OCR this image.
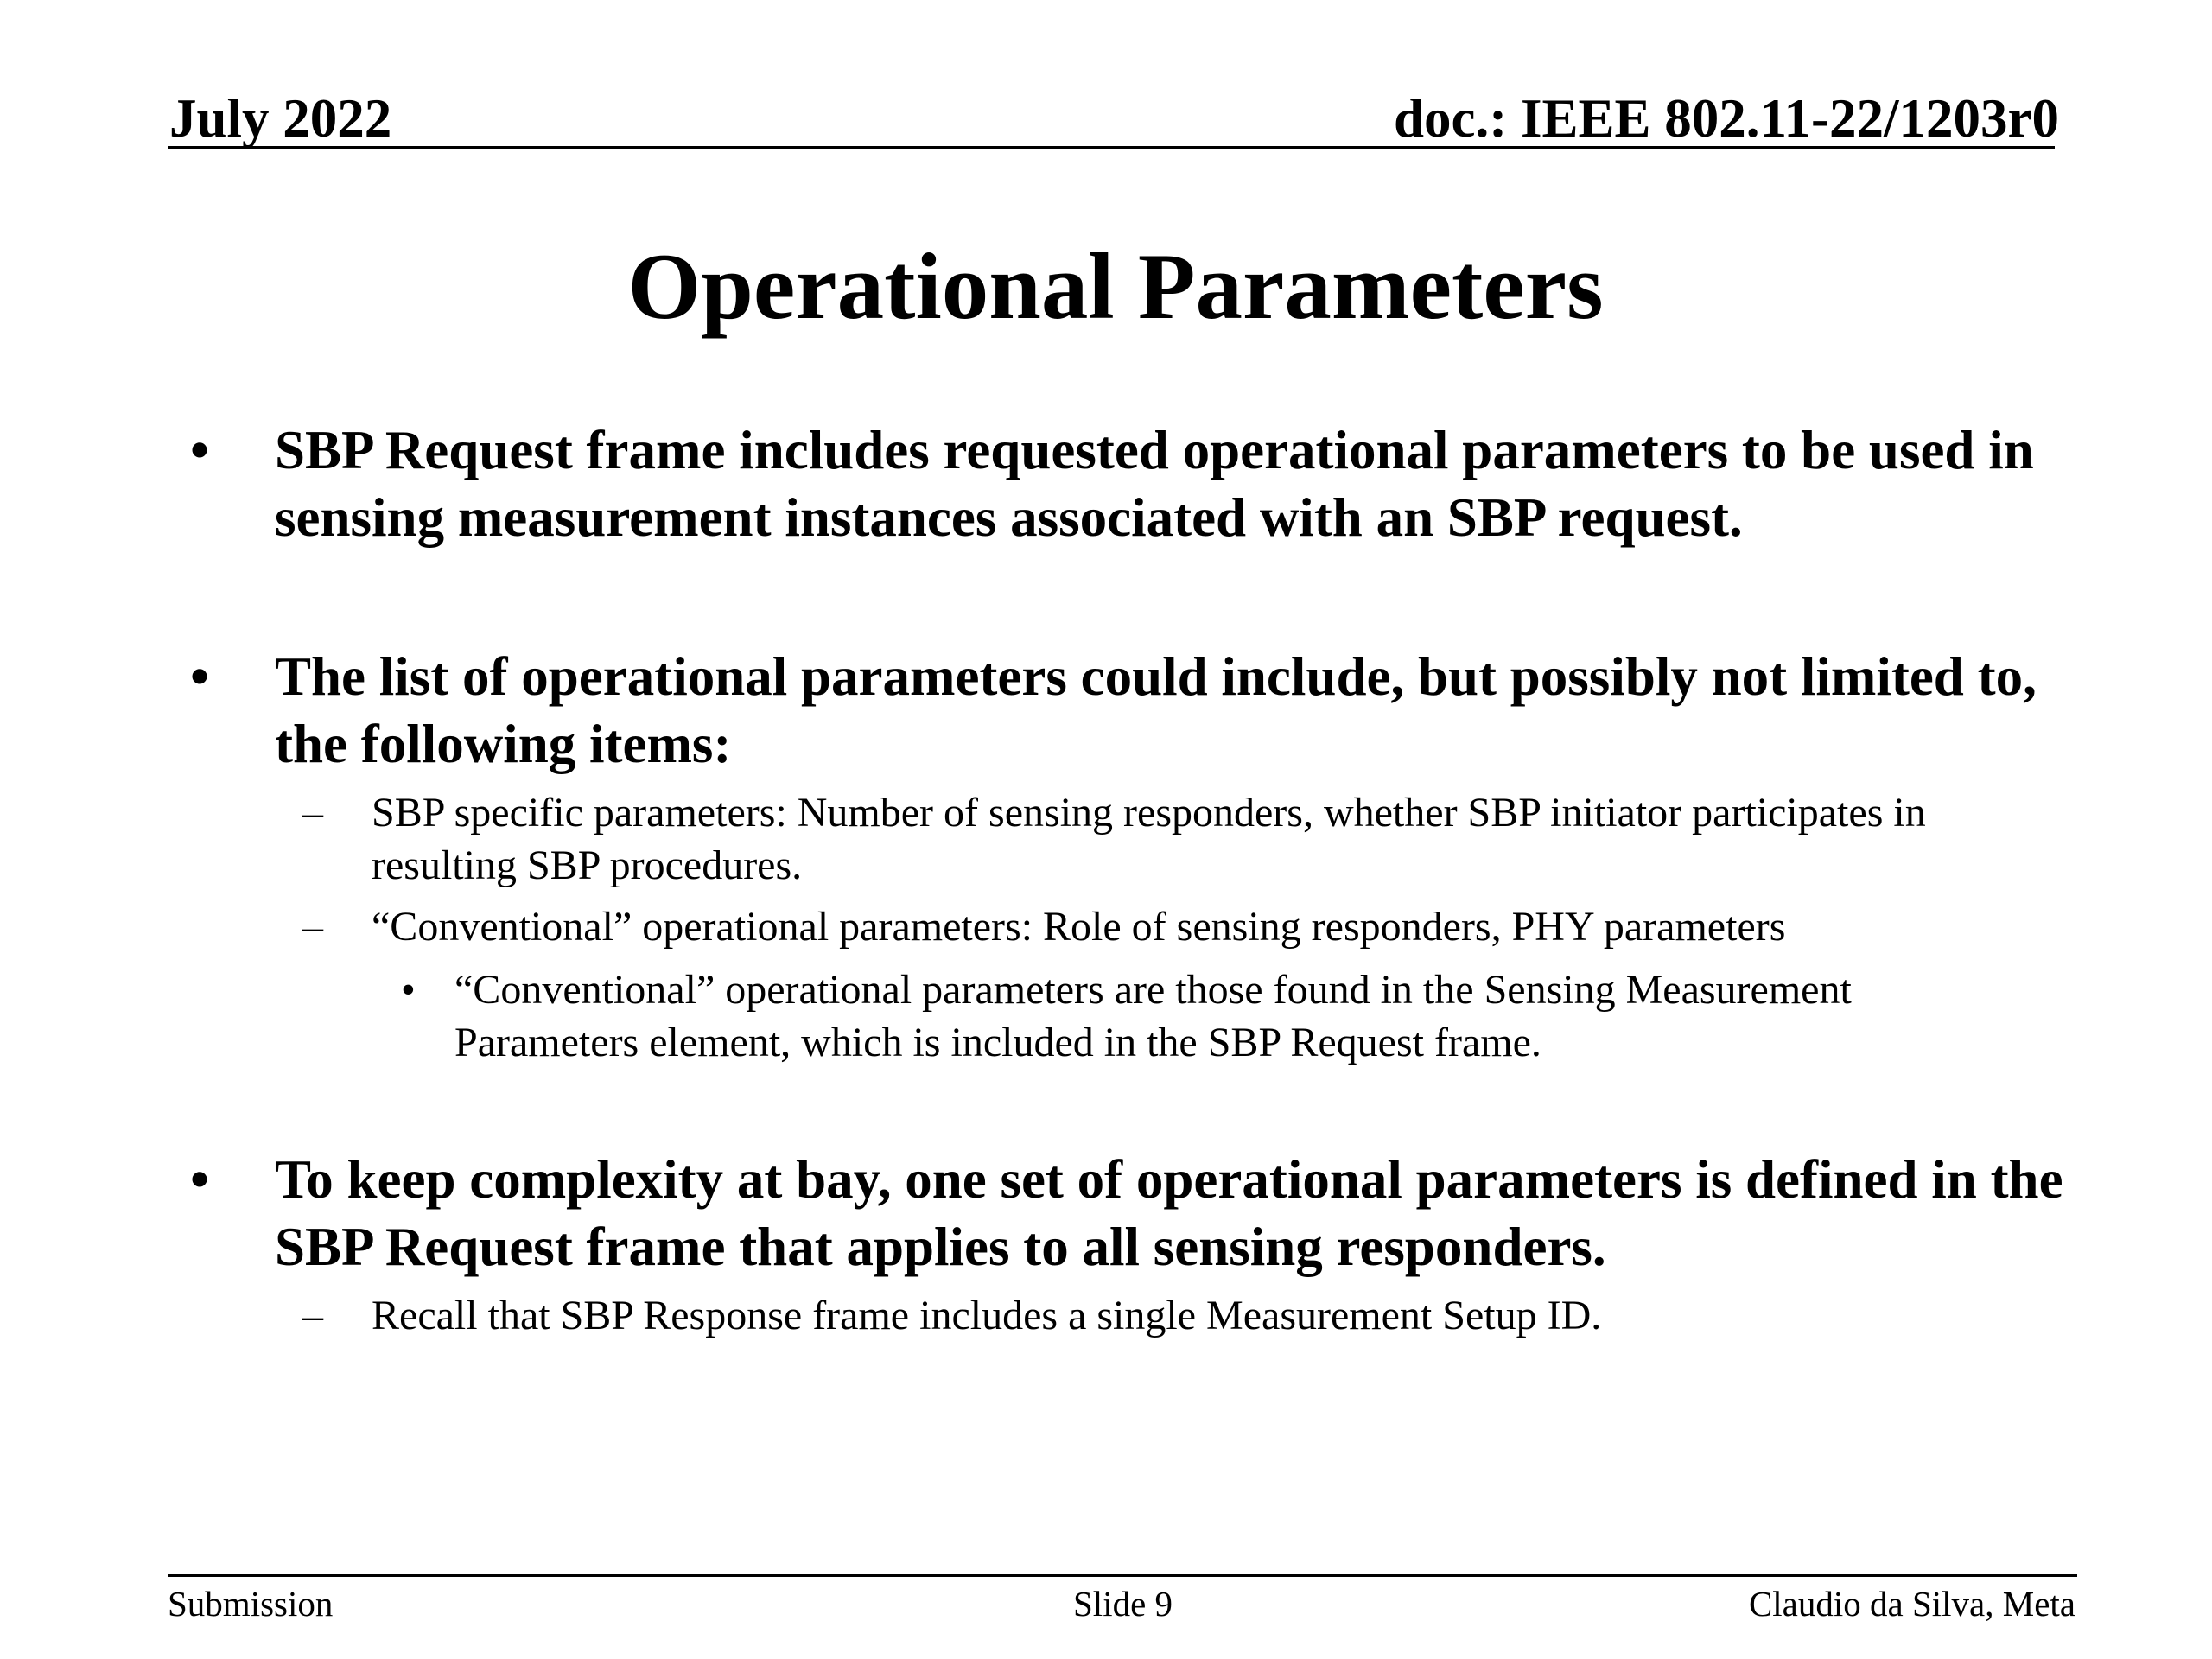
July 2022	doc.: IEEE 802.11-22/1203r0
Operational Parameters
• SBP Request frame includes requested operational parameters to be used in sensing measurement instances associated with an SBP request.
• The list of operational parameters could include, but possibly not limited to, the following items:
– SBP specific parameters: Number of sensing responders, whether SBP initiator participates in resulting SBP procedures.
– “Conventional” operational parameters: Role of sensing responders, PHY parameters
• “Conventional” operational parameters are those found in the Sensing Measurement Parameters element, which is included in the SBP Request frame.
• To keep complexity at bay, one set of operational parameters is defined in the SBP Request frame that applies to all sensing responders.
– Recall that SBP Response frame includes a single Measurement Setup ID.
Submission	Slide 9	Claudio da Silva, Meta
